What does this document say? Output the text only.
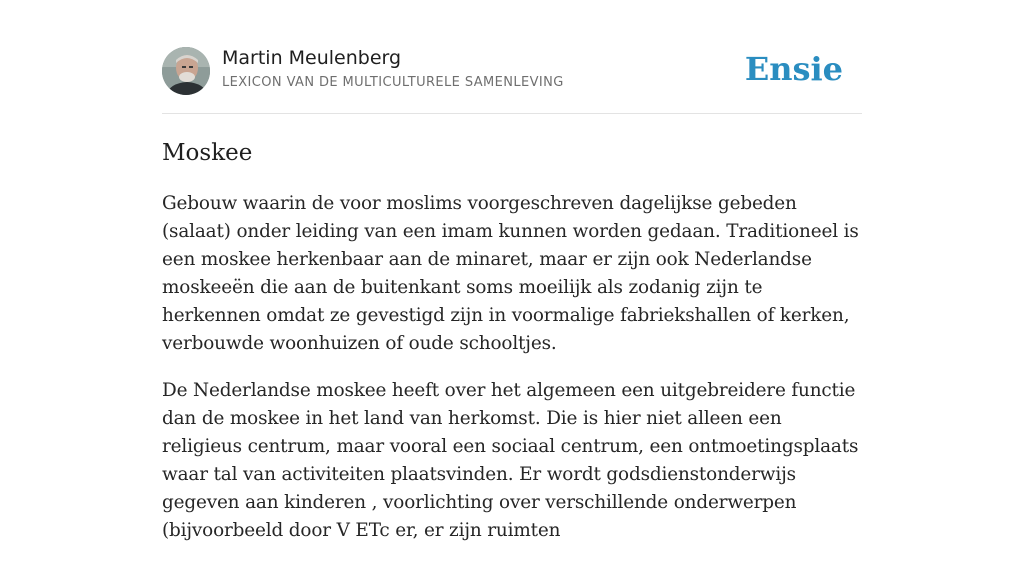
Martin Meulenberg
LEXICON VAN DE MULTICULTURELE SAMENLEVING	Ensie
Moskee

Gebouw waarin de voor moslims voorgeschreven dagelijkse gebeden (salaat) onder leiding van een imam kunnen worden gedaan. Traditioneel is een moskee herkenbaar aan de minaret, maar er zijn ook Nederlandse moskeeën die aan de buitenkant soms moeilijk als zodanig zijn te herkennen omdat ze gevestigd zijn in voormalige fabriekshallen of kerken, verbouwde woonhuizen of oude schooltjes.

De Nederlandse moskee heeft over het algemeen een uitgebreidere functie dan de moskee in het land van herkomst. Die is hier niet alleen een religieus centrum, maar vooral een sociaal centrum, een ontmoetingsplaats waar tal van activiteiten plaatsvinden. Er wordt godsdienstonderwijs gegeven aan kinderen , voorlichting over verschillende onderwerpen (bijvoorbeeld door V ETc er, er zijn ruimten
